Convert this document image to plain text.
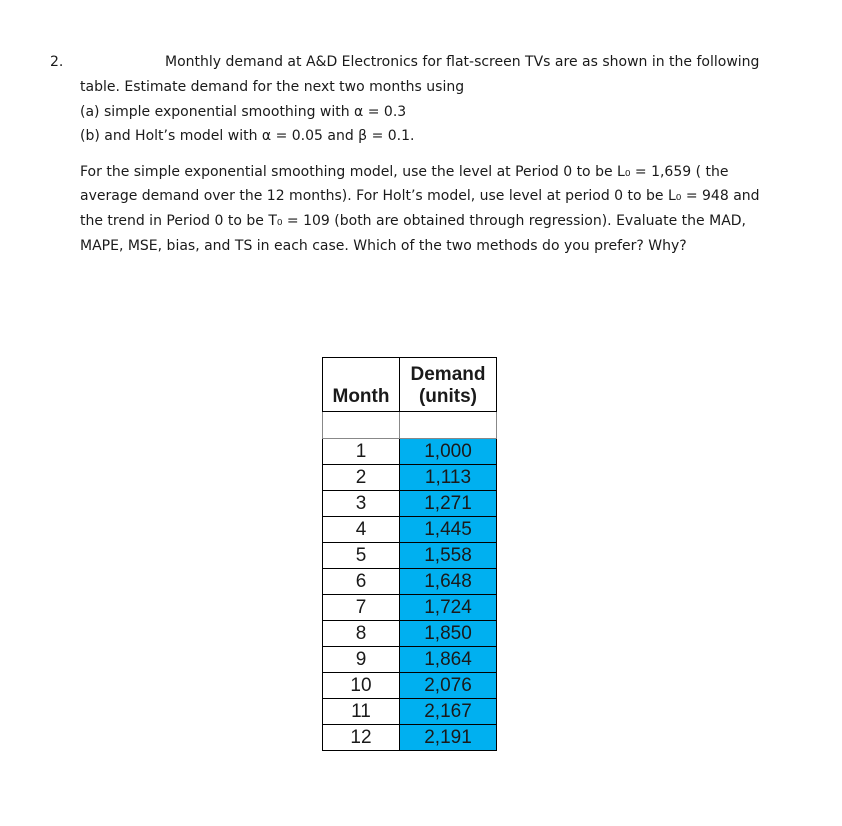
2.	Monthly demand at A&D Electronics for flat-screen TVs are as shown in the following
table. Estimate demand for the next two months using
(a) simple exponential smoothing with α = 0.3
(b) and Holt’s model with α = 0.05 and β = 0.1.
For the simple exponential smoothing model, use the level at Period 0 to be L₀ = 1,659 ( the
average demand over the 12 months). For Holt’s model, use level at period 0 to be L₀ = 948 and
the trend in Period 0 to be T₀ = 109 (both are obtained through regression). Evaluate the MAD,
MAPE, MSE, bias, and TS in each case. Which of the two methods do you prefer? Why?
Month	Demand
(units)

1	1,000
2	1,113
3	1,271
4	1,445
5	1,558
6	1,648
7	1,724
8	1,850
9	1,864
10	2,076
11	2,167
12	2,191
